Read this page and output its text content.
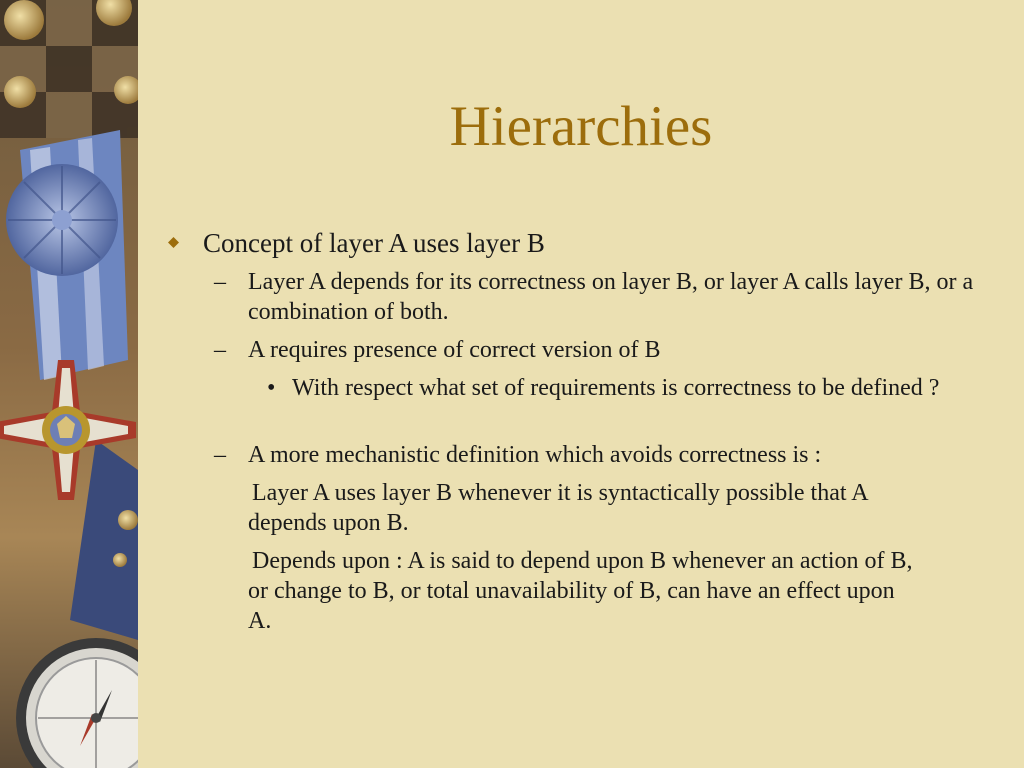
Hierarchies
Concept of layer A uses layer B
– Layer A depends for its correctness on layer B, or layer A calls layer B, or a combination of both.
– A requires presence of correct version of B
• With respect what set of requirements is correctness to be defined ?
– A more mechanistic definition which avoids correctness is :
Layer A uses layer B whenever it is syntactically possible that A depends upon B.
Depends upon : A is said to depend upon B whenever an action of B, or change to B, or total unavailability of B, can have an effect upon A.
